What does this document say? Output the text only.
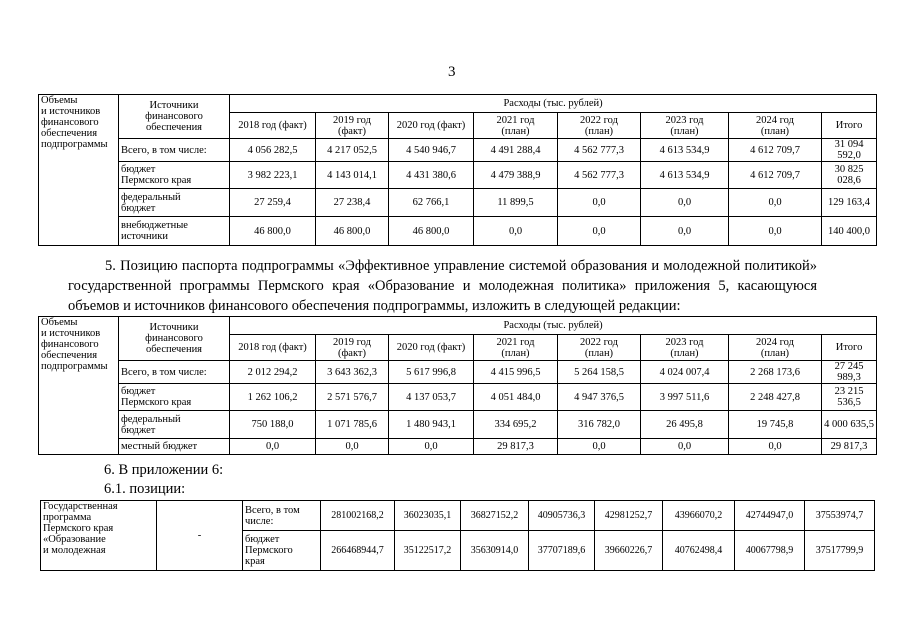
3
Объемы
и источников
финансового
обеспечения
подпрограммы	Источники
финансового
обеспечения	Расходы (тыс. рублей)							
		2018 год (факт)	2019 год
(факт)	2020 год (факт)	2021 год
(план)	2022 год
(план)	2023 год
(план)	2024 год
(план)	Итого
	Всего, в том числе:	4 056 282,5	4 217 052,5	4 540 946,7	4 491 288,4	4 562 777,3	4 613 534,9	4 612 709,7	31 094 592,0
	бюджет
Пермского края	3 982 223,1	4 143 014,1	4 431 380,6	4 479 388,9	4 562 777,3	4 613 534,9	4 612 709,7	30 825 028,6
	федеральный
бюджет	27 259,4	27 238,4	62 766,1	11 899,5	0,0	0,0	0,0	129 163,4
	внебюджетные
источники	46 800,0	46 800,0	46 800,0	0,0	0,0	0,0	0,0	140 400,0
5. Позицию паспорта подпрограммы «Эффективное управление системой образования и молодежной политикой» государственной программы Пермского края «Образование и молодежная политика» приложения 5, касающуюся объемов и источников финансового обеспечения подпрограммы, изложить в следующей редакции:
Объемы
и источников
финансового
обеспечения
подпрограммы	Источники
финансового
обеспечения	Расходы (тыс. рублей)							
		2018 год (факт)	2019 год
(факт)	2020 год (факт)	2021 год
(план)	2022 год
(план)	2023 год
(план)	2024 год
(план)	Итого
	Всего, в том числе:	2 012 294,2	3 643 362,3	5 617 996,8	4 415 996,5	5 264 158,5	4 024 007,4	2 268 173,6	27 245 989,3
	бюджет
Пермского края	1 262 106,2	2 571 576,7	4 137 053,7	4 051 484,0	4 947 376,5	3 997 511,6	2 248 427,8	23 215 536,5
	федеральный
бюджет	750 188,0	1 071 785,6	1 480 943,1	334 695,2	316 782,0	26 495,8	19 745,8	4 000 635,5
	местный бюджет	0,0	0,0	0,0	29 817,3	0,0	0,0	0,0	29 817,3
6. В приложении 6:
6.1. позиции:
Государственная
программа
Пермского края
«Образование
и молодежная	-	Всего, в том
числе:	281002168,2	36023035,1	36827152,2	40905736,3	42981252,7	43966070,2	42744947,0	37553974,7
		бюджет
Пермского
края	266468944,7	35122517,2	35630914,0	37707189,6	39660226,7	40762498,4	40067798,9	37517799,9
